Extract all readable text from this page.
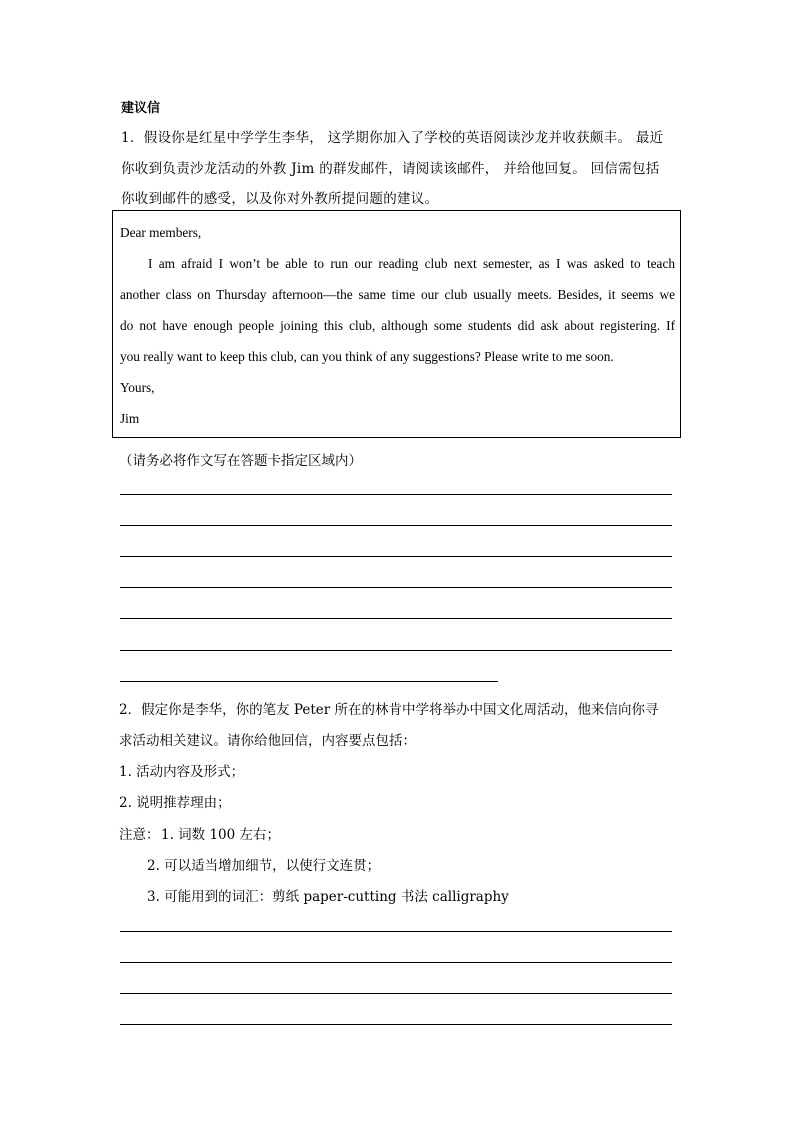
建议信
1．假设你是红星中学学生李华， 这学期你加入了学校的英语阅读沙龙并收获颇丰。 最近
你收到负责沙龙活动的外教 Jim 的群发邮件，请阅读该邮件， 并给他回复。 回信需包括
你收到邮件的感受，以及你对外教所提问题的建议。
Dear members,
I am afraid I won’t be able to run our reading club next semester, as I was asked to teach
another class on Thursday afternoon—the same time our club usually meets. Besides, it seems we
do not have enough people joining this club, although some students did ask about registering. If
you really want to keep this club, can you think of any suggestions? Please write to me soon.
Yours,
Jim
（请务必将作文写在答题卡指定区域内）
2．假定你是李华，你的笔友 Peter 所在的林肯中学将举办中国文化周活动，他来信向你寻
求活动相关建议。请你给他回信，内容要点包括：
1. 活动内容及形式；
2. 说明推荐理由；
注意： 1. 词数 100 左右；
2. 可以适当增加细节，以使行文连贯；
3. 可能用到的词汇：剪纸 paper-cutting 书法 calligraphy
